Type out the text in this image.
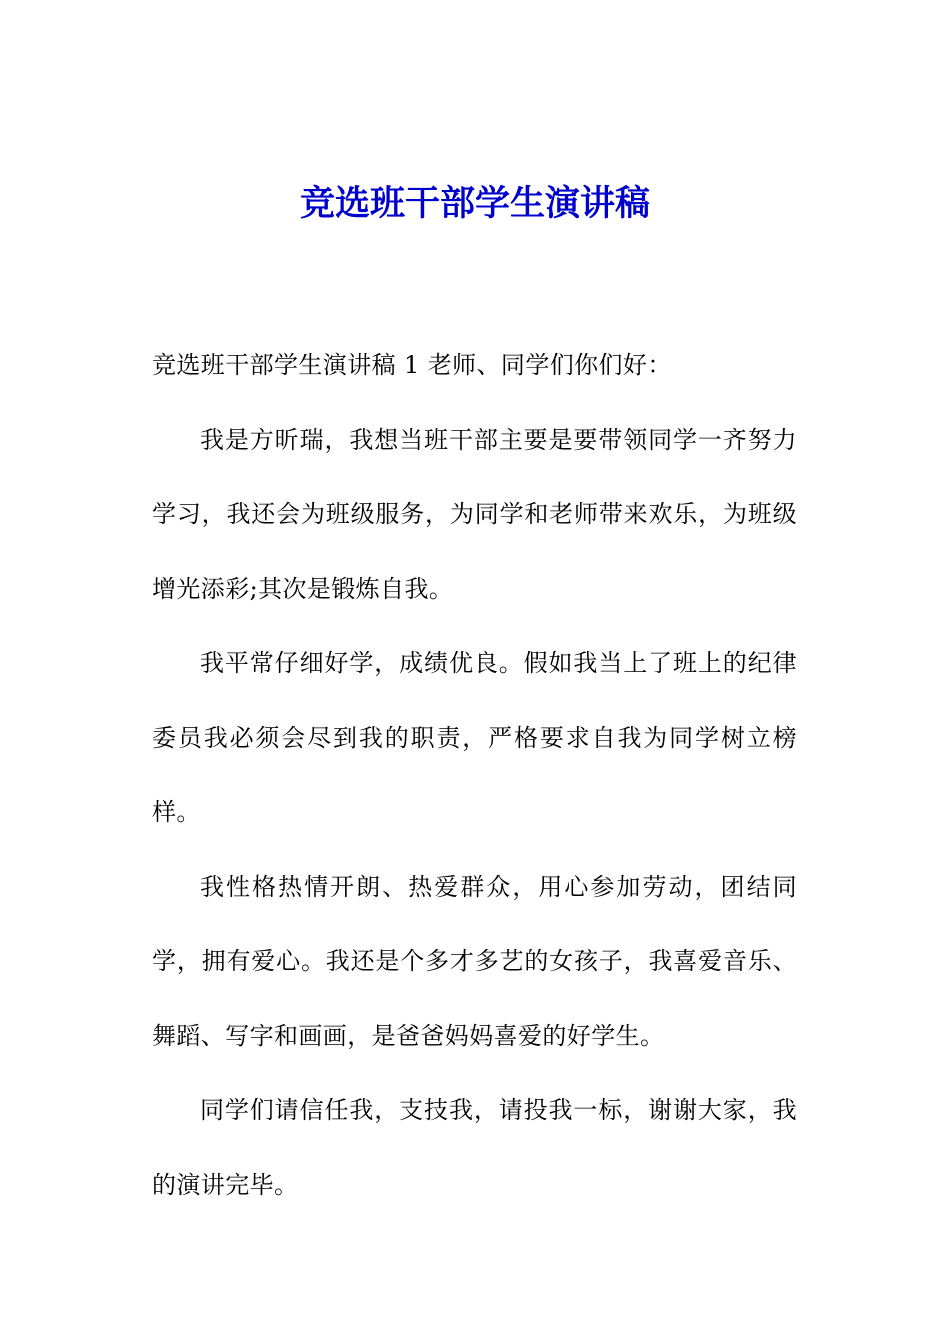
竞选班干部学生演讲稿

竞选班干部学生演讲稿 1 老师、同学们你们好：

我是方昕瑞，我想当班干部主要是要带领同学一齐努力学习，我还会为班级服务，为同学和老师带来欢乐，为班级增光添彩;其次是锻炼自我。

我平常仔细好学，成绩优良。假如我当上了班上的纪律委员我必须会尽到我的职责，严格要求自我为同学树立榜样。

我性格热情开朗、热爱群众，用心参加劳动，团结同学，拥有爱心。我还是个多才多艺的女孩子，我喜爱音乐、舞蹈、写字和画画，是爸爸妈妈喜爱的好学生。

同学们请信任我，支技我，请投我一标，谢谢大家，我的演讲完毕。
